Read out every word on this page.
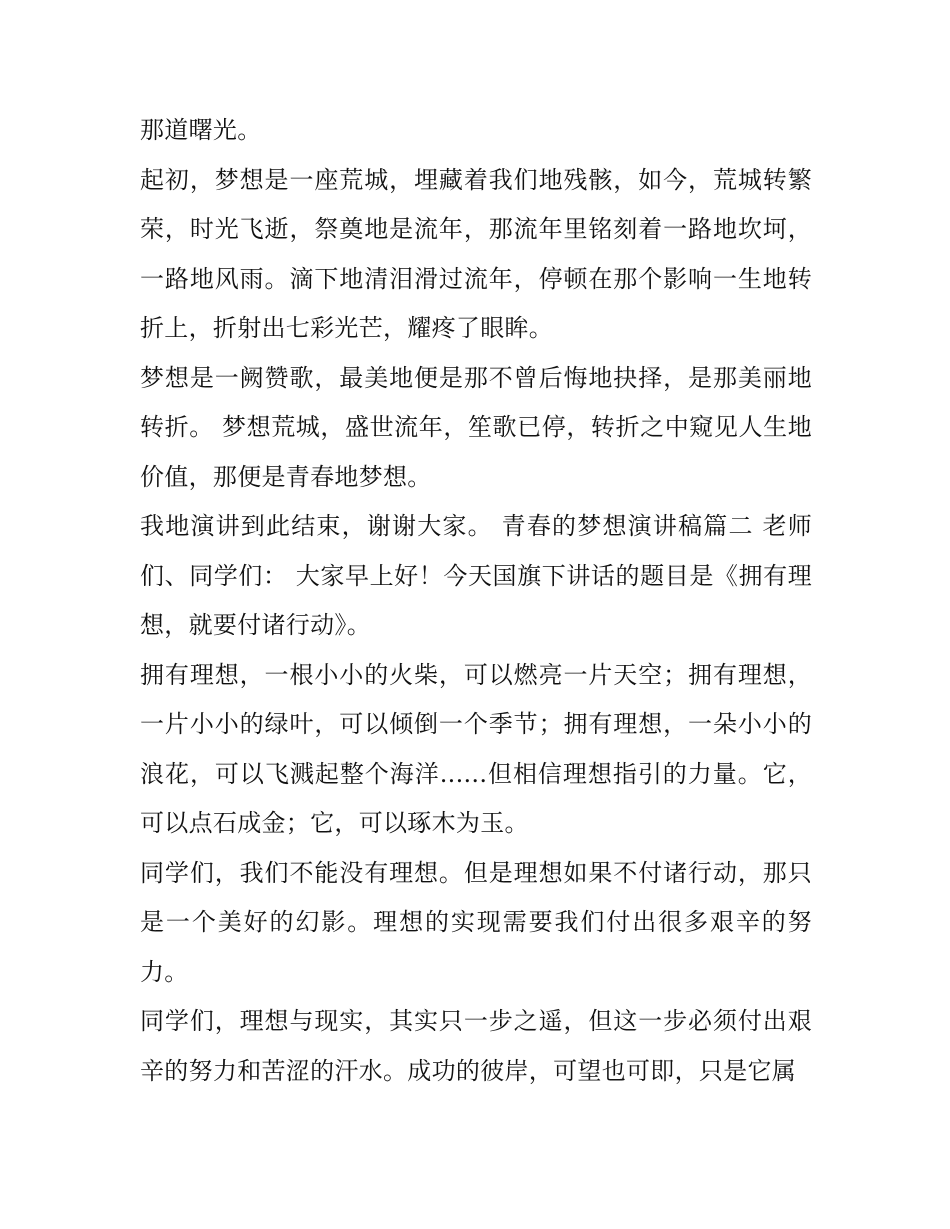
那道曙光。

起初，梦想是一座荒城，埋藏着我们地残骸，如今，荒城转繁荣，时光飞逝，祭奠地是流年，那流年里铭刻着一路地坎坷，一路地风雨。滴下地清泪滑过流年，停顿在那个影响一生地转折上，折射出七彩光芒，耀疼了眼眸。

梦想是一阙赞歌，最美地便是那不曾后悔地抉择，是那美丽地转折。 梦想荒城，盛世流年，笙歌已停，转折之中窥见人生地价值，那便是青春地梦想。

我地演讲到此结束，谢谢大家。 青春的梦想演讲稿篇二 老师们、同学们： 大家早上好！今天国旗下讲话的题目是《拥有理想，就要付诸行动》。

拥有理想，一根小小的火柴，可以燃亮一片天空；拥有理想，一片小小的绿叶，可以倾倒一个季节；拥有理想，一朵小小的浪花，可以飞溅起整个海洋......但相信理想指引的力量。它，可以点石成金；它，可以琢木为玉。

同学们，我们不能没有理想。但是理想如果不付诸行动，那只是一个美好的幻影。理想的实现需要我们付出很多艰辛的努力。

同学们，理想与现实，其实只一步之遥，但这一步必须付出艰辛的努力和苦涩的汗水。成功的彼岸，可望也可即，只是它属
